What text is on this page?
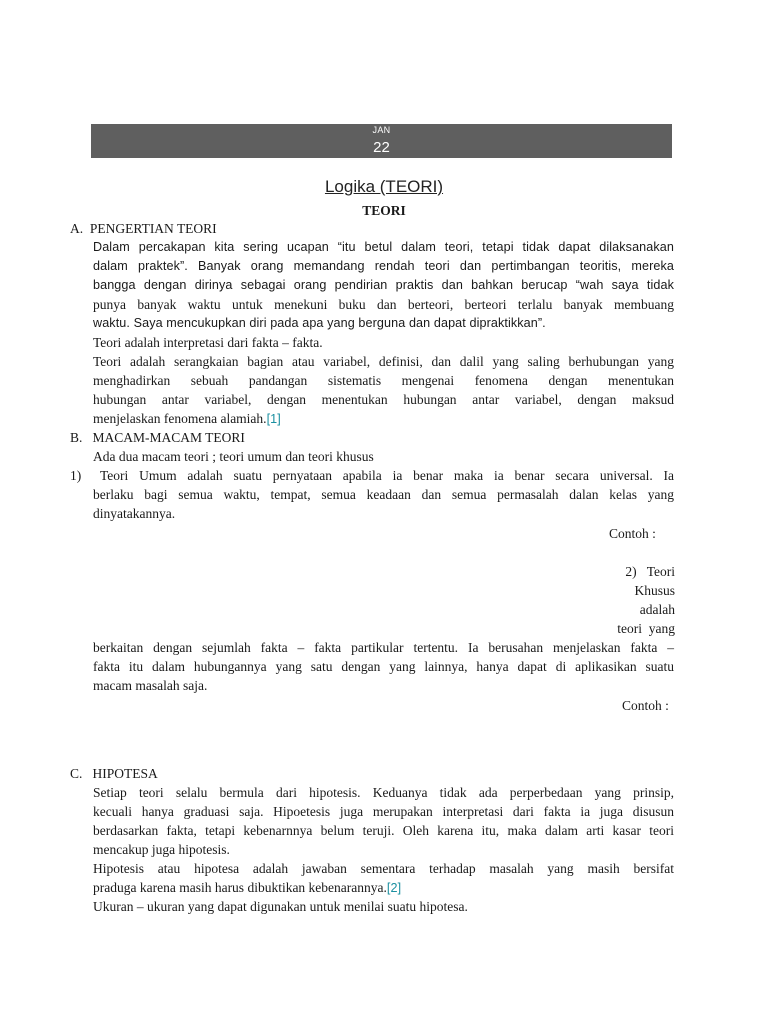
JAN
22
Logika (TEORI)
TEORI
A.  PENGERTIAN TEORI
Dalam percakapan kita sering ucapan “itu betul dalam teori, tetapi tidak dapat dilaksanakan
dalam praktek”. Banyak orang memandang rendah teori dan pertimbangan teoritis, mereka
bangga dengan dirinya sebagai orang pendirian praktis dan bahkan berucap “wah saya tidak
punya banyak waktu untuk menekuni buku dan berteori, berteori terlalu banyak membuang
waktu. Saya mencukupkan diri pada apa yang berguna dan dapat dipraktikkan”.
Teori adalah interpretasi dari fakta – fakta.
Teori adalah serangkaian bagian atau variabel, definisi, dan dalil yang saling berhubungan yang
menghadirkan sebuah pandangan sistematis mengenai fenomena dengan menentukan
hubungan antar variabel, dengan menentukan hubungan antar variabel, dengan maksud
menjelaskan fenomena alamiah.[1]
B.   MACAM-MACAM TEORI
Ada dua macam teori ; teori umum dan teori khusus
1) Teori Umum adalah suatu pernyataan apabila ia benar maka ia benar secara universal. Ia
berlaku bagi semua waktu, tempat, semua keadaan dan semua permasalah dalan kelas yang
dinyatakannya.
Contoh :
2)   Teori
Khusus
adalah
teori  yang
berkaitan dengan sejumlah fakta – fakta partikular tertentu. Ia berusahan menjelaskan fakta –
fakta itu dalam hubungannya yang satu dengan yang lainnya, hanya dapat di aplikasikan suatu
macam masalah saja.
Contoh :
C.   HIPOTESA
Setiap teori selalu bermula dari hipotesis. Keduanya tidak ada perperbedaan yang prinsip,
kecuali hanya graduasi saja. Hipoetesis juga merupakan interpretasi dari fakta ia juga disusun
berdasarkan fakta, tetapi kebenarnnya belum teruji. Oleh karena itu, maka dalam arti kasar teori
mencakup juga hipotesis.
Hipotesis atau hipotesa adalah jawaban sementara terhadap masalah yang masih bersifat
praduga karena masih harus dibuktikan kebenarannya.[2]
Ukuran – ukuran yang dapat digunakan untuk menilai suatu hipotesa.
